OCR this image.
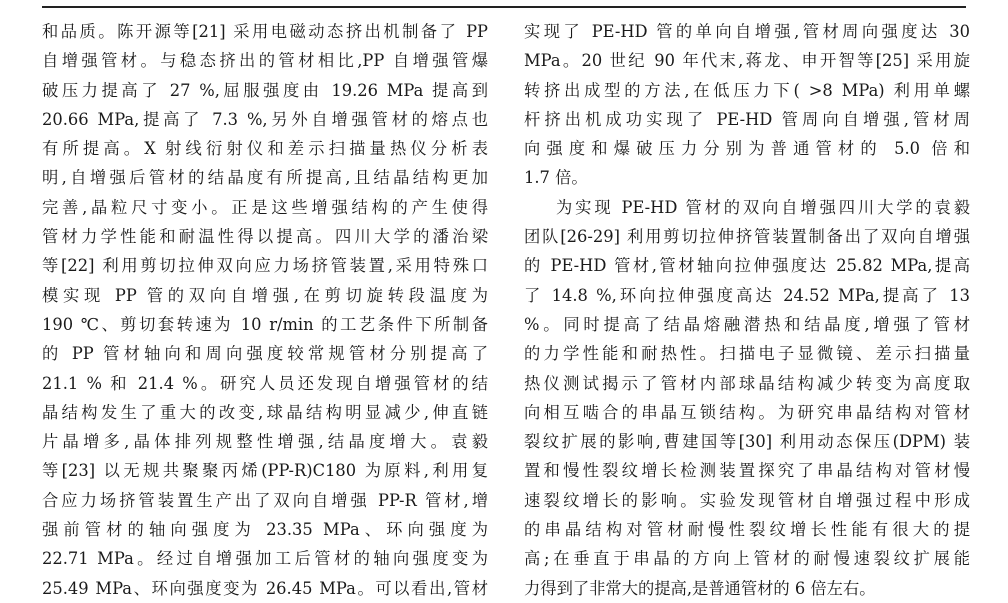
和品质。陈开源等[21] 采用电磁动态挤出机制备了 PP
自增强管材。与稳态挤出的管材相比,PP 自增强管爆
破压力提高了 27 %,屈服强度由 19.26 MPa 提高到
20.66 MPa,提高了 7.3 %,另外自增强管材的熔点也
有所提高。X 射线衍射仪和差示扫描量热仪分析表
明,自增强后管材的结晶度有所提高,且结晶结构更加
完善,晶粒尺寸变小。正是这些增强结构的产生使得
管材力学性能和耐温性得以提高。四川大学的潘治梁
等[22] 利用剪切拉伸双向应力场挤管装置,采用特殊口
模实现 PP 管的双向自增强,在剪切旋转段温度为
190 ℃、剪切套转速为 10 r/min 的工艺条件下所制备
的 PP 管材轴向和周向强度较常规管材分别提高了
21.1 % 和 21.4 %。研究人员还发现自增强管材的结
晶结构发生了重大的改变,球晶结构明显减少,伸直链
片晶增多,晶体排列规整性增强,结晶度增大。袁毅
等[23] 以无规共聚聚丙烯(PP-R)C180 为原料,利用复
合应力场挤管装置生产出了双向自增强 PP-R 管材,增
强前管材的轴向强度为 23.35 MPa、环向强度为
22.71 MPa。经过自增强加工后管材的轴向强度变为
25.49 MPa、环向强度变为 26.45 MPa。可以看出,管材
实现了 PE-HD 管的单向自增强,管材周向强度达 30
MPa。20 世纪 90 年代末,蒋龙、申开智等[25] 采用旋
转挤出成型的方法,在低压力下( >8 MPa) 利用单螺
杆挤出机成功实现了 PE-HD 管周向自增强,管材周
向强度和爆破压力分别为普通管材的 5.0 倍和
1.7 倍。
为实现 PE-HD 管材的双向自增强四川大学的袁毅
团队[26-29] 利用剪切拉伸挤管装置制备出了双向自增强
的 PE-HD 管材,管材轴向拉伸强度达 25.82 MPa,提高
了 14.8 %,环向拉伸强度高达 24.52 MPa,提高了 13
%。同时提高了结晶熔融潜热和结晶度,增强了管材
的力学性能和耐热性。扫描电子显微镜、差示扫描量
热仪测试揭示了管材内部球晶结构减少转变为高度取
向相互啮合的串晶互锁结构。为研究串晶结构对管材
裂纹扩展的影响,曹建国等[30] 利用动态保压(DPM) 装
置和慢性裂纹增长检测装置探究了串晶结构对管材慢
速裂纹增长的影响。实验发现管材自增强过程中形成
的串晶结构对管材耐慢性裂纹增长性能有很大的提
高;在垂直于串晶的方向上管材的耐慢速裂纹扩展能
力得到了非常大的提高,是普通管材的 6 倍左右。
